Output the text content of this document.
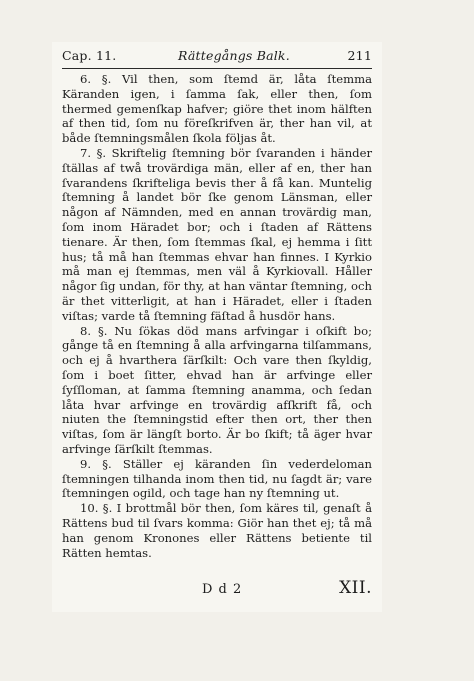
Cap. 11.	Rättegångs Balk.	211

6. §. Vil then, som ſtemd är, låta ſtemma Käranden igen, i ſamma ſak, eller then, ſom thermed gemenſkap hafver; giöre thet inom hälften af then tid, ſom nu föreſkrifven är, ther han vil, at både ſtemningsmålen ſkola följas åt.

7. §. Skriftelig ſtemning bör ſvaranden i händer ſtällas af twå trovärdiga män, eller af en, ther han ſvarandens ſkrifteliga bevis ther å få kan. Muntelig ſtemning å landet bör ſke genom Länsman, eller någon af Nämnden, med en annan trovärdig man, ſom inom Häradet bor; och i ſtaden af Rättens tienare. Är then, ſom ſtemmas ſkal, ej hemma i ſitt hus; tå må han ſtemmas ehvar han finnes. I Kyrkio må man ej ſtemmas, men väl å Kyrkiovall. Håller någor ſig undan, för thy, at han väntar ſtemning, och är thet vitterligit, at han i Häradet, eller i ſtaden viſtas; varde tå ſtemning fäſtad å husdör hans.

8. §. Nu ſökas död mans arfvingar i oſkift bo; gånge tå en ſtemning å alla arfvingarna tilſammans, och ej å hvarthera ſärſkilt: Och vare then ſkyldig, ſom i boet ſitter, ehvad han är arfvinge eller ſyſſloman, at ſamma ſtemning anamma, och ſedan låta hvar arfvinge en trovärdig afſkrift få, och niuten the ſtemningstid efter then ort, ther then viſtas, ſom är längſt borto. Är bo ſkift; tå äger hvar arfvinge ſärſkilt ſtemmas.

9. §. Ställer ej käranden ſin vederdeloman ſtemningen tilhanda inom then tid, nu ſagdt är; vare ſtemningen ogild, och tage han ny ſtemning ut.

10. §. I brottmål bör then, ſom käres til, genaſt å Rättens bud til ſvars komma: Giör han thet ej; tå må han genom Kronones eller Rättens betiente til Rätten hemtas.

D d 2	XII.
